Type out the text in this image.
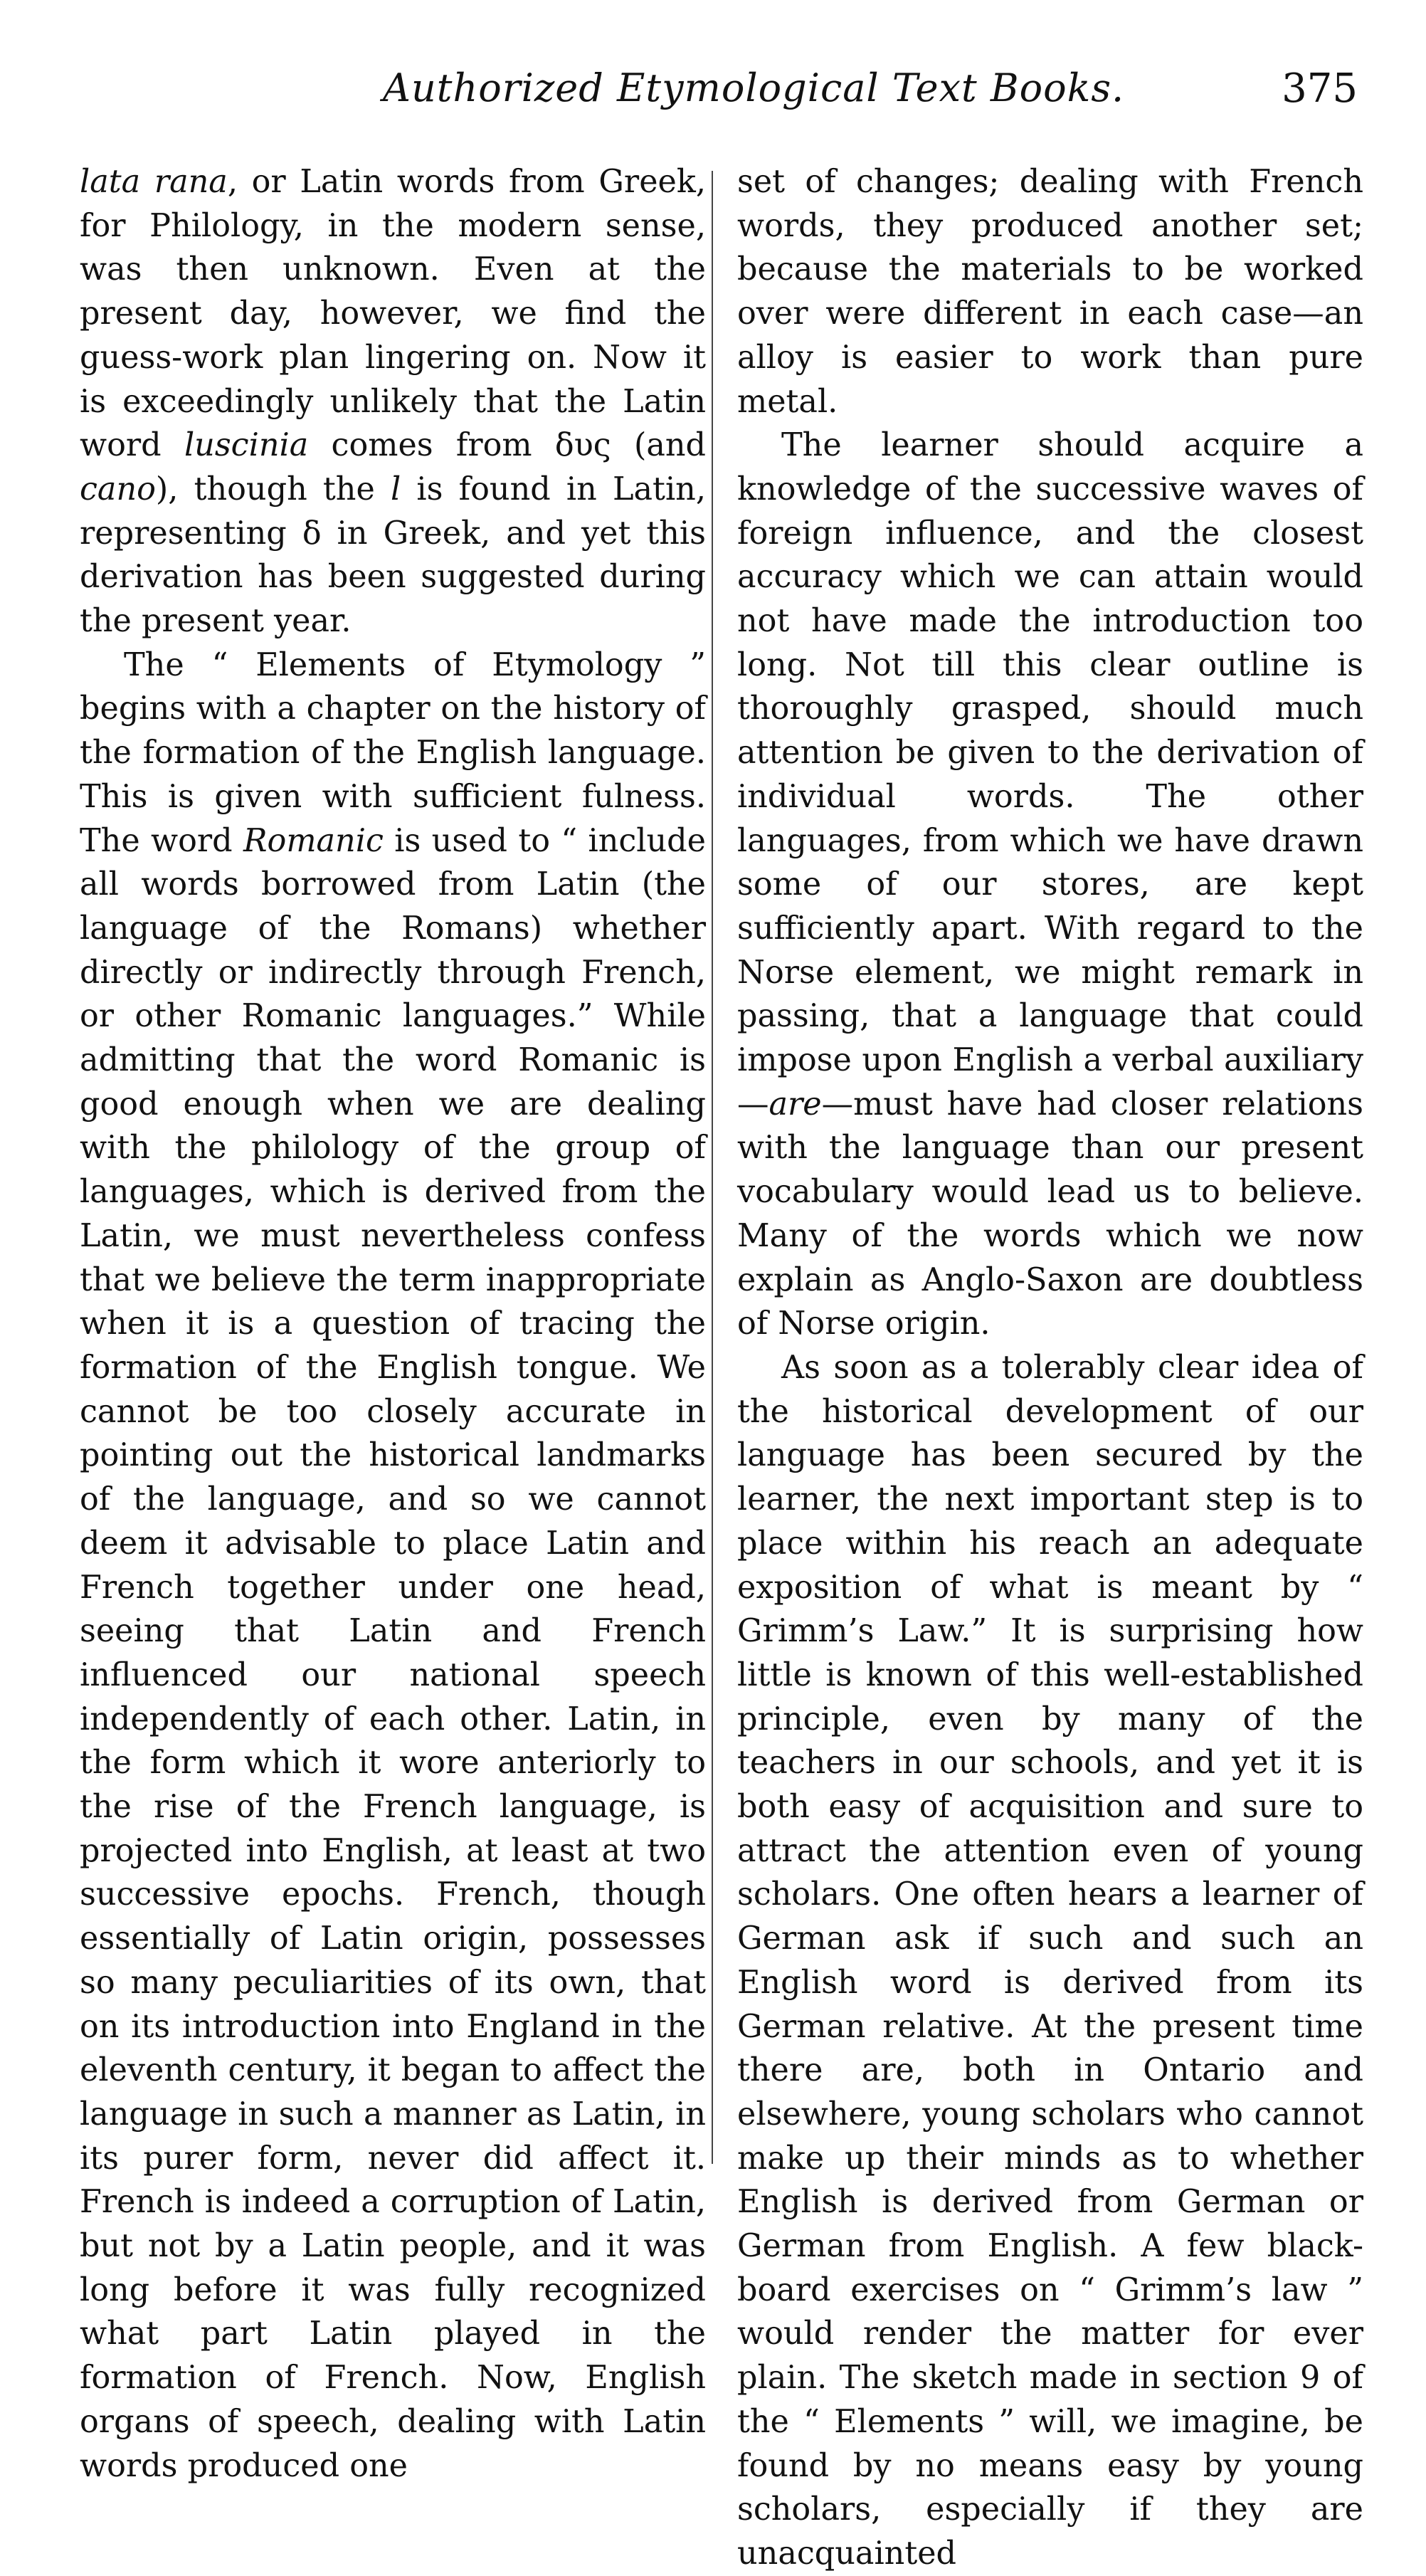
Authorized Etymological Text Books.	375

lata rana, or Latin words from Greek, for Philology, in the modern sense, was then unknown. Even at the present day, however, we find the guess-work plan lingering on. Now it is exceedingly unlikely that the Latin word luscinia comes from δυς (and cano), though the l is found in Latin, representing δ in Greek, and yet this derivation has been suggested during the present year.

The “ Elements of Etymology ” begins with a chapter on the history of the formation of the English language. This is given with sufficient fulness. The word Romanic is used to “ include all words borrowed from Latin (the language of the Romans) whether directly or indirectly through French, or other Romanic languages.” While admitting that the word Romanic is good enough when we are dealing with the philology of the group of languages, which is derived from the Latin, we must nevertheless confess that we believe the term inappropriate when it is a question of tracing the formation of the English tongue. We cannot be too closely accurate in pointing out the historical landmarks of the language, and so we cannot deem it advisable to place Latin and French together under one head, seeing that Latin and French influenced our national speech independently of each other. Latin, in the form which it wore anteriorly to the rise of the French language, is projected into English, at least at two successive epochs. French, though essentially of Latin origin, possesses so many peculiarities of its own, that on its introduction into England in the eleventh century, it began to affect the language in such a manner as Latin, in its purer form, never did affect it. French is indeed a corruption of Latin, but not by a Latin people, and it was long before it was fully recognized what part Latin played in the formation of French. Now, English organs of speech, dealing with Latin words produced one

set of changes; dealing with French words, they produced another set; because the materials to be worked over were different in each case—an alloy is easier to work than pure metal.

The learner should acquire a knowledge of the successive waves of foreign influence, and the closest accuracy which we can attain would not have made the introduction too long. Not till this clear outline is thoroughly grasped, should much attention be given to the derivation of individual words. The other languages, from which we have drawn some of our stores, are kept sufficiently apart. With regard to the Norse element, we might remark in passing, that a language that could impose upon English a verbal auxiliary—are—must have had closer relations with the language than our present vocabulary would lead us to believe. Many of the words which we now explain as Anglo-Saxon are doubtless of Norse origin.

As soon as a tolerably clear idea of the historical development of our language has been secured by the learner, the next important step is to place within his reach an adequate exposition of what is meant by “ Grimm’s Law.” It is surprising how little is known of this well-established principle, even by many of the teachers in our schools, and yet it is both easy of acquisition and sure to attract the attention even of young scholars. One often hears a learner of German ask if such and such an English word is derived from its German relative. At the present time there are, both in Ontario and elsewhere, young scholars who cannot make up their minds as to whether English is derived from German or German from English. A few black-board exercises on “ Grimm’s law ” would render the matter for ever plain. The sketch made in section 9 of the “ Elements ” will, we imagine, be found by no means easy by young scholars, especially if they are unacquainted
